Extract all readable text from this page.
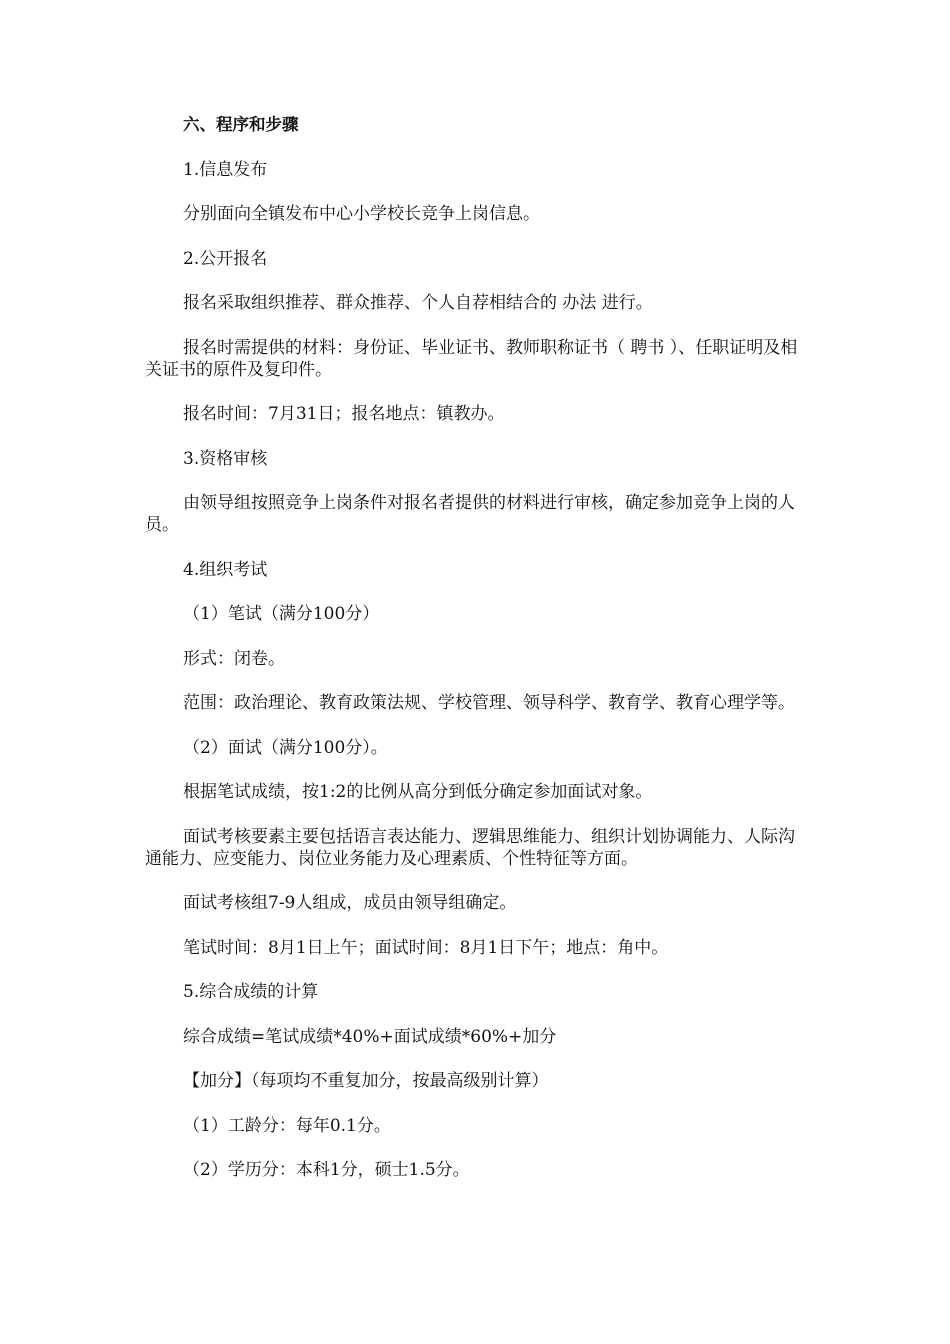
六、程序和步骤

1.信息发布

分别面向全镇发布中心小学校长竞争上岗信息。

2.公开报名

报名采取组织推荐、群众推荐、个人自荐相结合的 办法 进行。

报名时需提供的材料：身份证、毕业证书、教师职称证书（ 聘书 ）、任职证明及相关证书的原件及复印件。

报名时间：7月31日；报名地点：镇教办。

3.资格审核

由领导组按照竞争上岗条件对报名者提供的材料进行审核，确定参加竞争上岗的人员。

4.组织考试

（1）笔试（满分100分）

形式：闭卷。

范围：政治理论、教育政策法规、学校管理、领导科学、教育学、教育心理学等。

（2）面试（满分100分）。

根据笔试成绩，按1:2的比例从高分到低分确定参加面试对象。

面试考核要素主要包括语言表达能力、逻辑思维能力、组织计划协调能力、人际沟通能力、应变能力、岗位业务能力及心理素质、个性特征等方面。

面试考核组7-9人组成，成员由领导组确定。

笔试时间：8月1日上午；面试时间：8月1日下午；地点：角中。

5.综合成绩的计算

综合成绩=笔试成绩*40%+面试成绩*60%+加分

【加分】（每项均不重复加分，按最高级别计算）

（1）工龄分：每年0.1分。

（2）学历分：本科1分，硕士1.5分。
